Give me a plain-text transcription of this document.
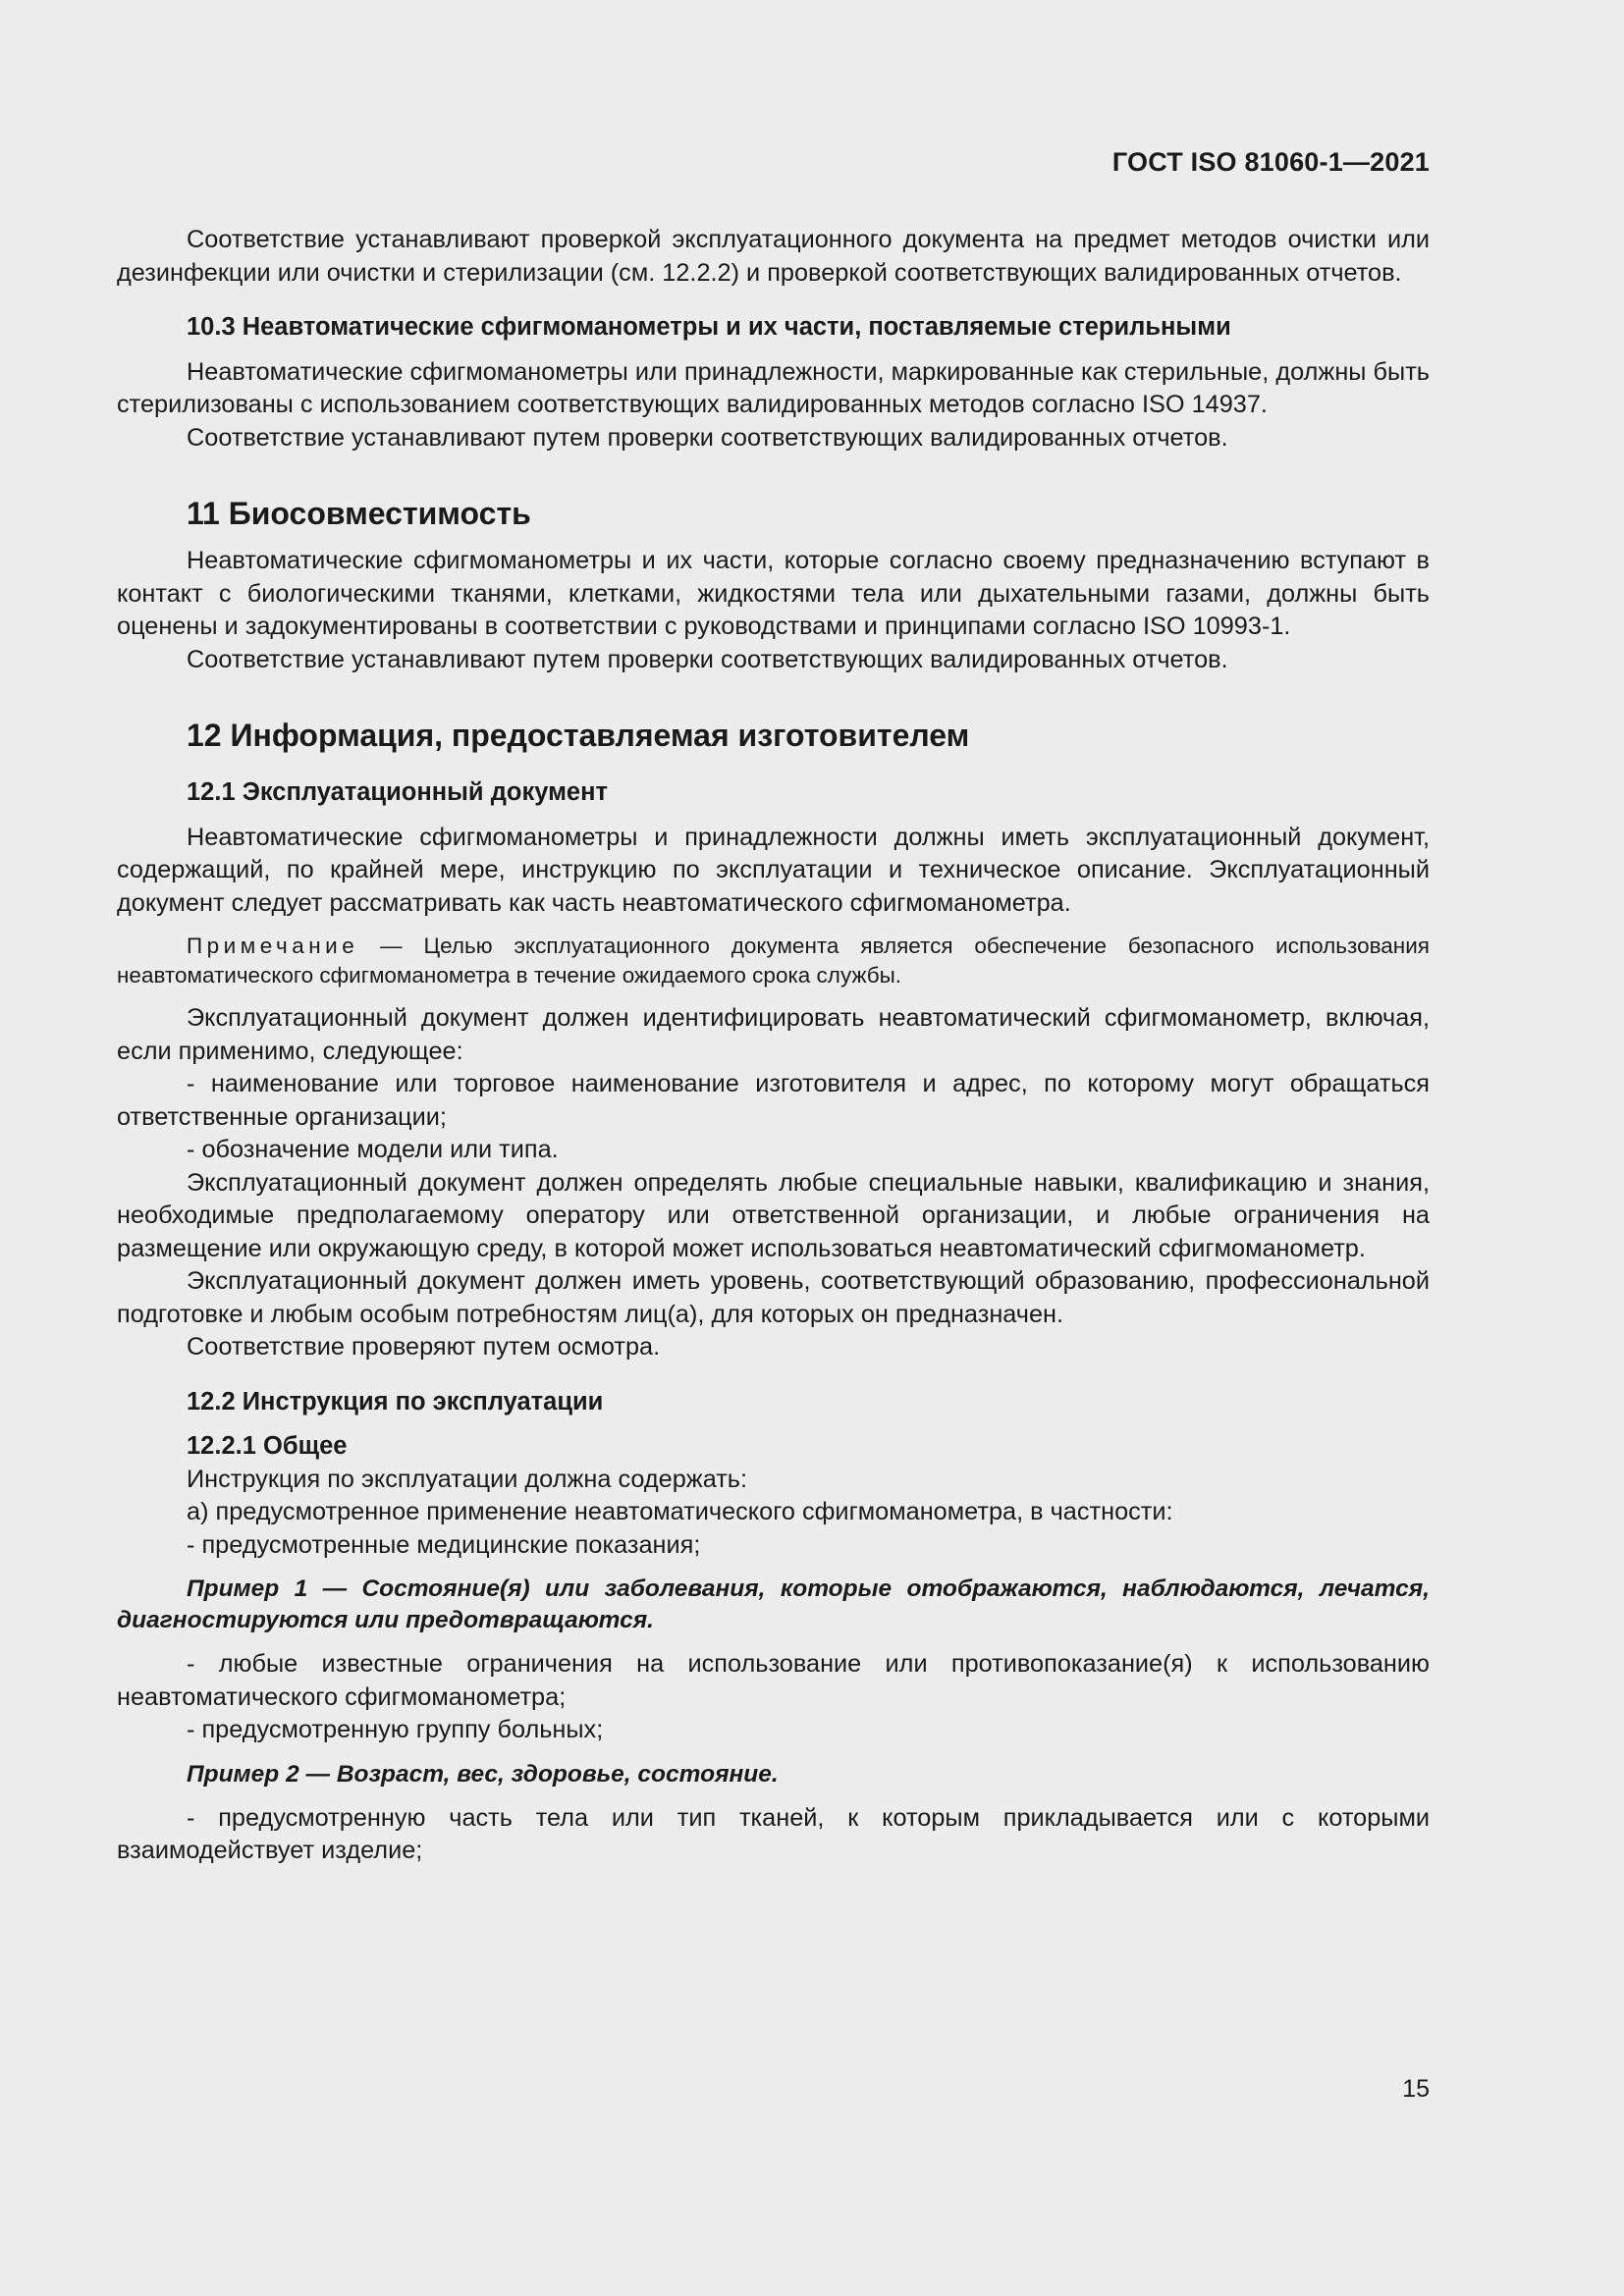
ГОСТ ISO 81060-1—2021

Соответствие устанавливают проверкой эксплуатационного документа на предмет методов очистки или дезинфекции или очистки и стерилизации (см. 12.2.2) и проверкой соответствующих валидированных отчетов.

10.3 Неавтоматические сфигмоманометры и их части, поставляемые стерильными

Неавтоматические сфигмоманометры или принадлежности, маркированные как стерильные, должны быть стерилизованы с использованием соответствующих валидированных методов согласно ISO 14937.

Соответствие устанавливают путем проверки соответствующих валидированных отчетов.

11 Биосовместимость

Неавтоматические сфигмоманометры и их части, которые согласно своему предназначению вступают в контакт с биологическими тканями, клетками, жидкостями тела или дыхательными газами, должны быть оценены и задокументированы в соответствии с руководствами и принципами согласно ISO 10993-1.

Соответствие устанавливают путем проверки соответствующих валидированных отчетов.

12 Информация, предоставляемая изготовителем

12.1 Эксплуатационный документ

Неавтоматические сфигмоманометры и принадлежности должны иметь эксплуатационный документ, содержащий, по крайней мере, инструкцию по эксплуатации и техническое описание. Эксплуатационный документ следует рассматривать как часть неавтоматического сфигмоманометра.

Примечание — Целью эксплуатационного документа является обеспечение безопасного использования неавтоматического сфигмоманометра в течение ожидаемого срока службы.

Эксплуатационный документ должен идентифицировать неавтоматический сфигмоманометр, включая, если применимо, следующее:

- наименование или торговое наименование изготовителя и адрес, по которому могут обращаться ответственные организации;

- обозначение модели или типа.

Эксплуатационный документ должен определять любые специальные навыки, квалификацию и знания, необходимые предполагаемому оператору или ответственной организации, и любые ограничения на размещение или окружающую среду, в которой может использоваться неавтоматический сфигмоманометр.

Эксплуатационный документ должен иметь уровень, соответствующий образованию, профессиональной подготовке и любым особым потребностям лиц(а), для которых он предназначен.

Соответствие проверяют путем осмотра.

12.2 Инструкция по эксплуатации

12.2.1 Общее

Инструкция по эксплуатации должна содержать:

а) предусмотренное применение неавтоматического сфигмоманометра, в частности:

- предусмотренные медицинские показания;

Пример 1 — Состояние(я) или заболевания, которые отображаются, наблюдаются, лечатся, диагностируются или предотвращаются.

- любые известные ограничения на использование или противопоказание(я) к использованию неавтоматического сфигмоманометра;

- предусмотренную группу больных;

Пример 2 — Возраст, вес, здоровье, состояние.

- предусмотренную часть тела или тип тканей, к которым прикладывается или с которыми взаимодействует изделие;

15
